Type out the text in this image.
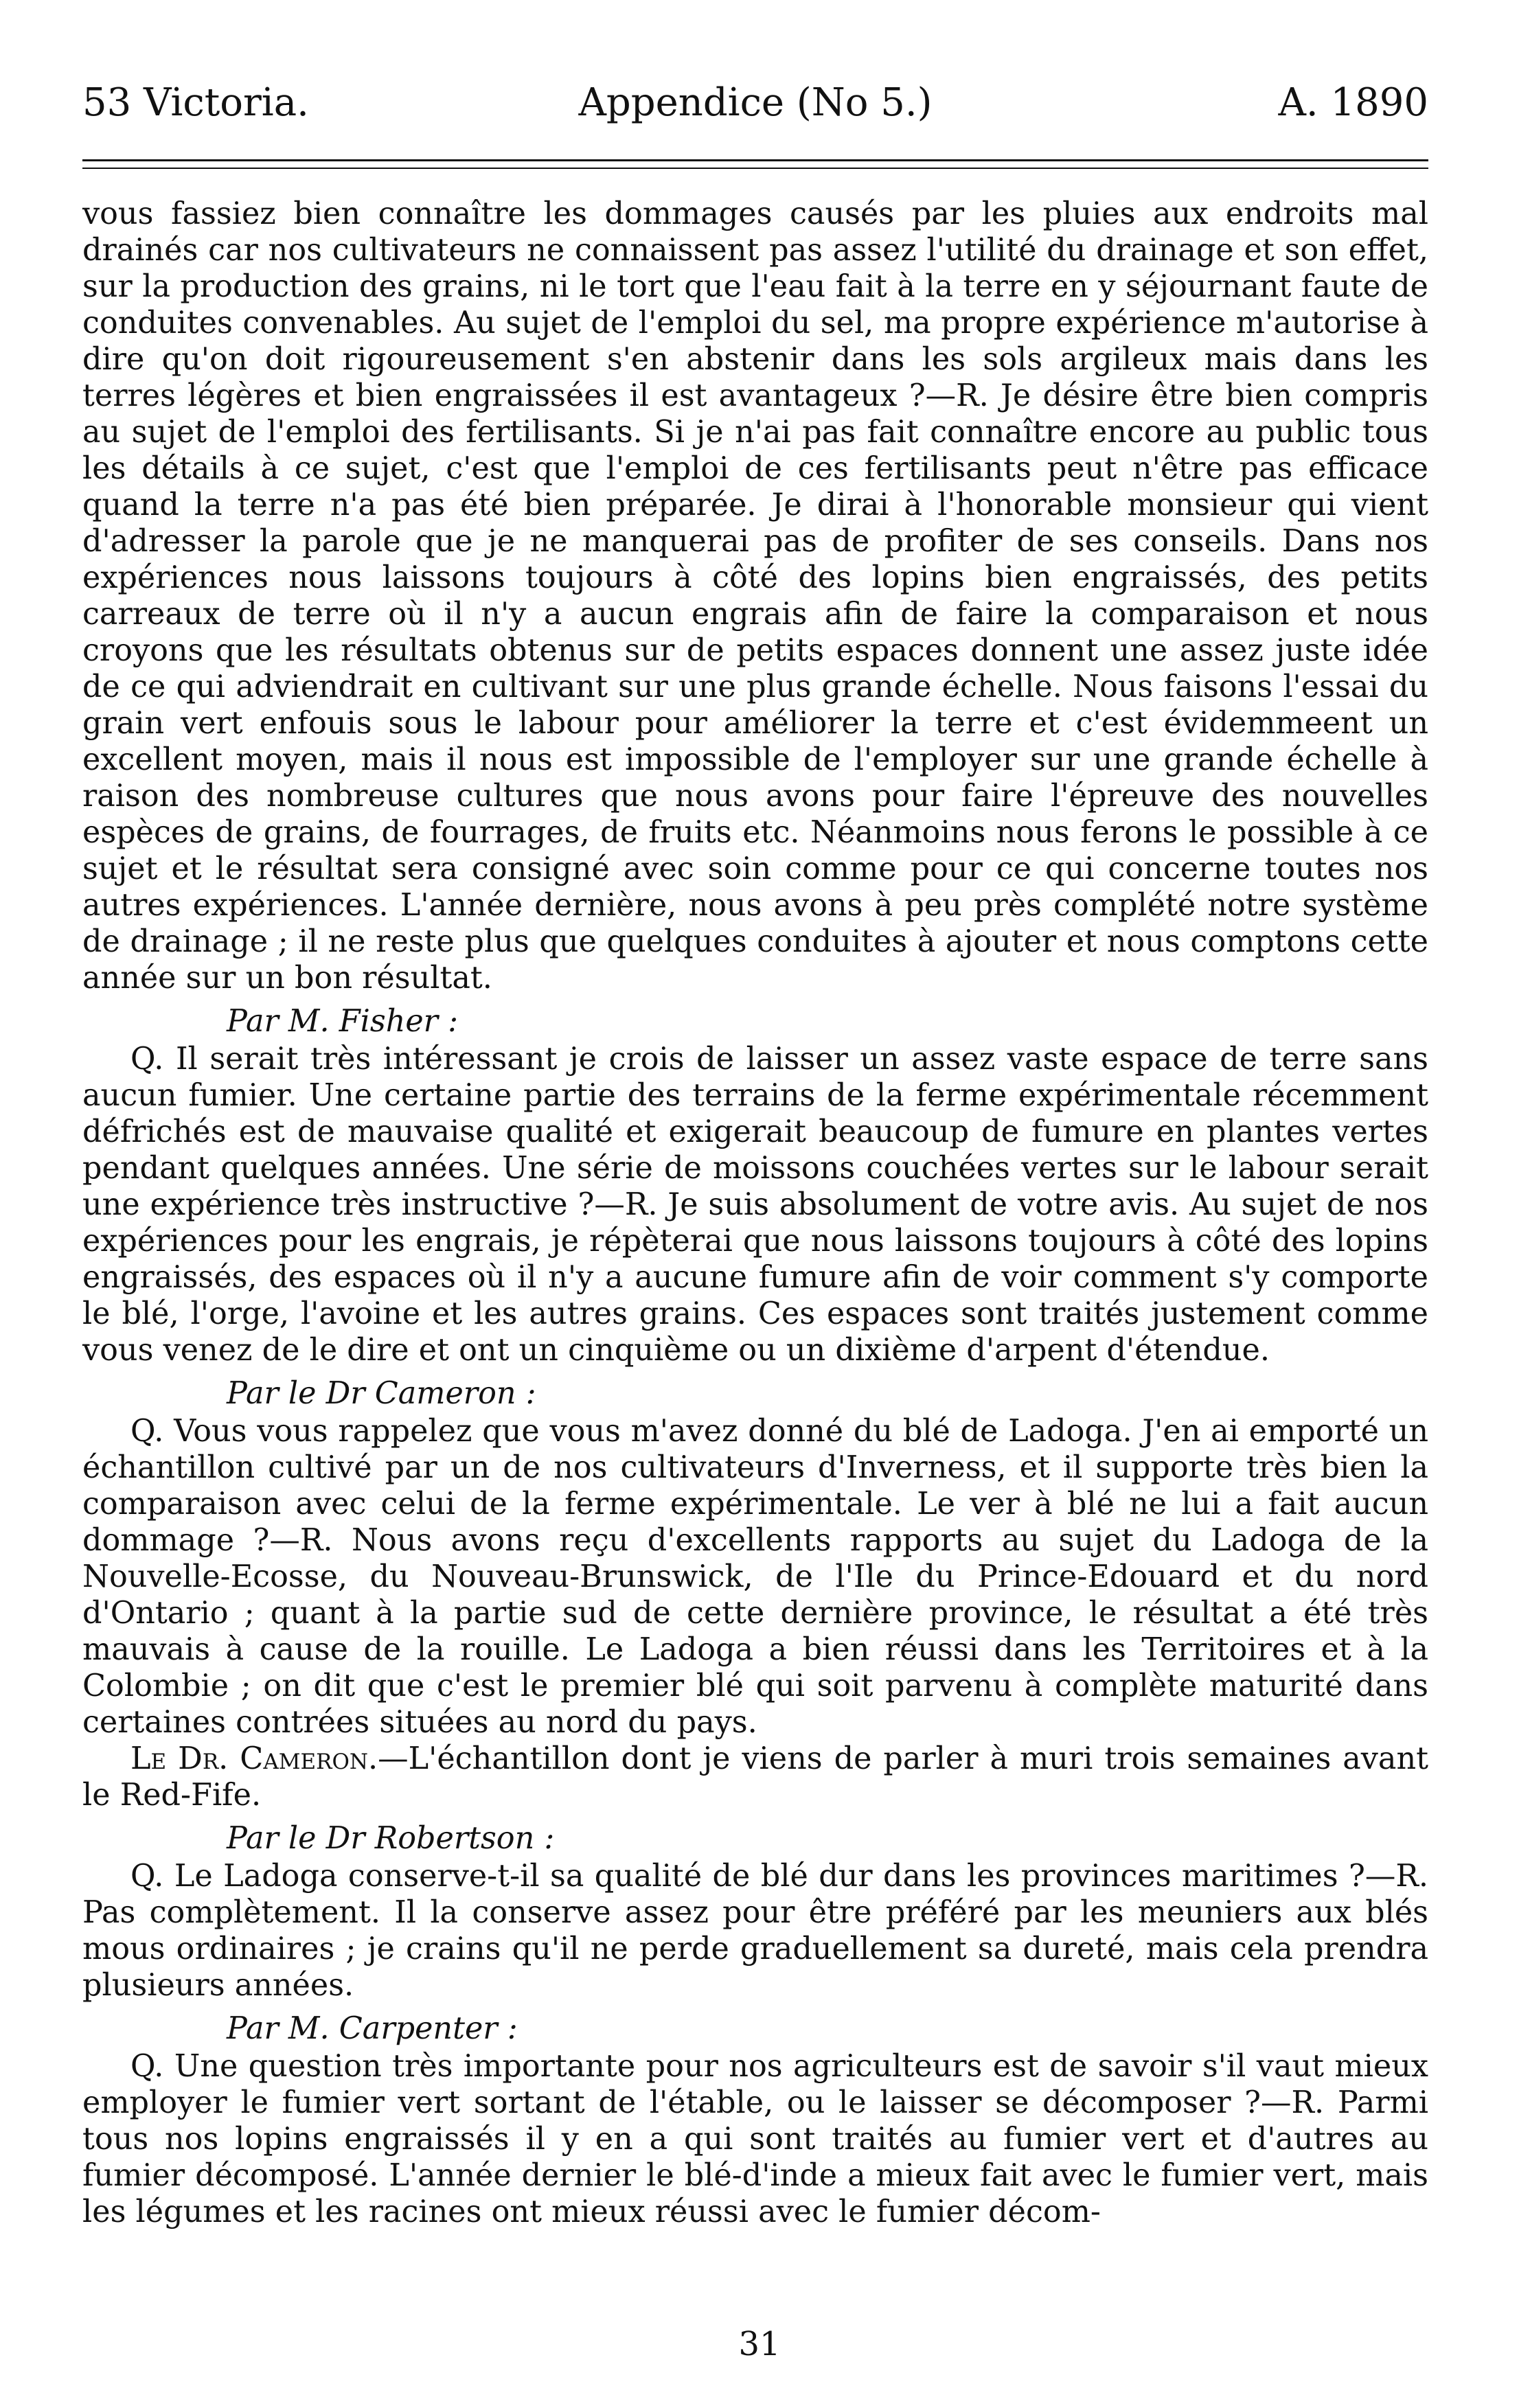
53 Victoria.	Appendice (No 5.)	A. 1890

vous fassiez bien connaître les dommages causés par les pluies aux endroits mal drainés car nos cultivateurs ne connaissent pas assez l'utilité du drainage et son effet, sur la production des grains, ni le tort que l'eau fait à la terre en y séjournant faute de conduites convenables. Au sujet de l'emploi du sel, ma propre expérience m'autorise à dire qu'on doit rigoureusement s'en abstenir dans les sols argileux mais dans les terres légères et bien engraissées il est avantageux ?—R. Je désire être bien compris au sujet de l'emploi des fertilisants. Si je n'ai pas fait connaître encore au public tous les détails à ce sujet, c'est que l'emploi de ces fertilisants peut n'être pas efficace quand la terre n'a pas été bien préparée. Je dirai à l'honorable monsieur qui vient d'adresser la parole que je ne manquerai pas de profiter de ses conseils. Dans nos expériences nous laissons toujours à côté des lopins bien engraissés, des petits carreaux de terre où il n'y a aucun engrais afin de faire la comparaison et nous croyons que les résultats obtenus sur de petits espaces donnent une assez juste idée de ce qui adviendrait en cultivant sur une plus grande échelle. Nous faisons l'essai du grain vert enfouis sous le labour pour améliorer la terre et c'est évidemmeent un excellent moyen, mais il nous est impossible de l'employer sur une grande échelle à raison des nombreuse cultures que nous avons pour faire l'épreuve des nouvelles espèces de grains, de fourrages, de fruits etc. Néanmoins nous ferons le possible à ce sujet et le résultat sera consigné avec soin comme pour ce qui concerne toutes nos autres expériences. L'année dernière, nous avons à peu près complété notre système de drainage ; il ne reste plus que quelques conduites à ajouter et nous comptons cette année sur un bon résultat.

Par M. Fisher :

Q. Il serait très intéressant je crois de laisser un assez vaste espace de terre sans aucun fumier. Une certaine partie des terrains de la ferme expérimentale récemment défrichés est de mauvaise qualité et exigerait beaucoup de fumure en plantes vertes pendant quelques années. Une série de moissons couchées vertes sur le labour serait une expérience très instructive ?—R. Je suis absolument de votre avis. Au sujet de nos expériences pour les engrais, je répèterai que nous laissons toujours à côté des lopins engraissés, des espaces où il n'y a aucune fumure afin de voir comment s'y comporte le blé, l'orge, l'avoine et les autres grains. Ces espaces sont traités justement comme vous venez de le dire et ont un cinquième ou un dixième d'arpent d'étendue.

Par le Dr Cameron :

Q. Vous vous rappelez que vous m'avez donné du blé de Ladoga. J'en ai emporté un échantillon cultivé par un de nos cultivateurs d'Inverness, et il supporte très bien la comparaison avec celui de la ferme expérimentale. Le ver à blé ne lui a fait aucun dommage ?—R. Nous avons reçu d'excellents rapports au sujet du Ladoga de la Nouvelle-Ecosse, du Nouveau-Brunswick, de l'Ile du Prince-Edouard et du nord d'Ontario ; quant à la partie sud de cette dernière province, le résultat a été très mauvais à cause de la rouille. Le Ladoga a bien réussi dans les Territoires et à la Colombie ; on dit que c'est le premier blé qui soit parvenu à complète maturité dans certaines contrées situées au nord du pays.

Le Dr. Cameron.—L'échantillon dont je viens de parler à muri trois semaines avant le Red-Fife.

Par le Dr Robertson :

Q. Le Ladoga conserve-t-il sa qualité de blé dur dans les provinces maritimes ?—R. Pas complètement. Il la conserve assez pour être préféré par les meuniers aux blés mous ordinaires ; je crains qu'il ne perde graduellement sa dureté, mais cela prendra plusieurs années.

Par M. Carpenter :

Q. Une question très importante pour nos agriculteurs est de savoir s'il vaut mieux employer le fumier vert sortant de l'étable, ou le laisser se décomposer ?—R. Parmi tous nos lopins engraissés il y en a qui sont traités au fumier vert et d'autres au fumier décomposé. L'année dernier le blé-d'inde a mieux fait avec le fumier vert, mais les légumes et les racines ont mieux réussi avec le fumier décom-

31
